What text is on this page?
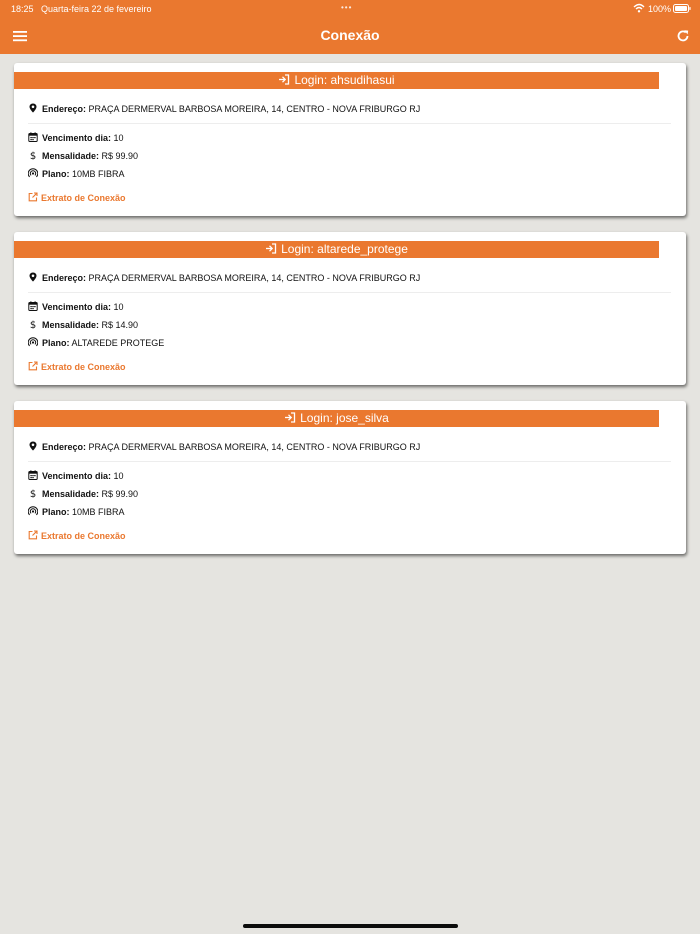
18:25 Quarta-feira 22 de fevereiro	•••	100%
Conexão
Login: ahsudihasui
Endereço: PRAÇA DERMERVAL BARBOSA MOREIRA, 14, CENTRO - NOVA FRIBURGO RJ
Vencimento dia: 10
$ Mensalidade: R$ 99.90
Plano: 10MB FIBRA
Extrato de Conexão
Login: altarede_protege
Endereço: PRAÇA DERMERVAL BARBOSA MOREIRA, 14, CENTRO - NOVA FRIBURGO RJ
Vencimento dia: 10
$ Mensalidade: R$ 14.90
Plano: ALTAREDE PROTEGE
Extrato de Conexão
Login: jose_silva
Endereço: PRAÇA DERMERVAL BARBOSA MOREIRA, 14, CENTRO - NOVA FRIBURGO RJ
Vencimento dia: 10
$ Mensalidade: R$ 99.90
Plano: 10MB FIBRA
Extrato de Conexão
